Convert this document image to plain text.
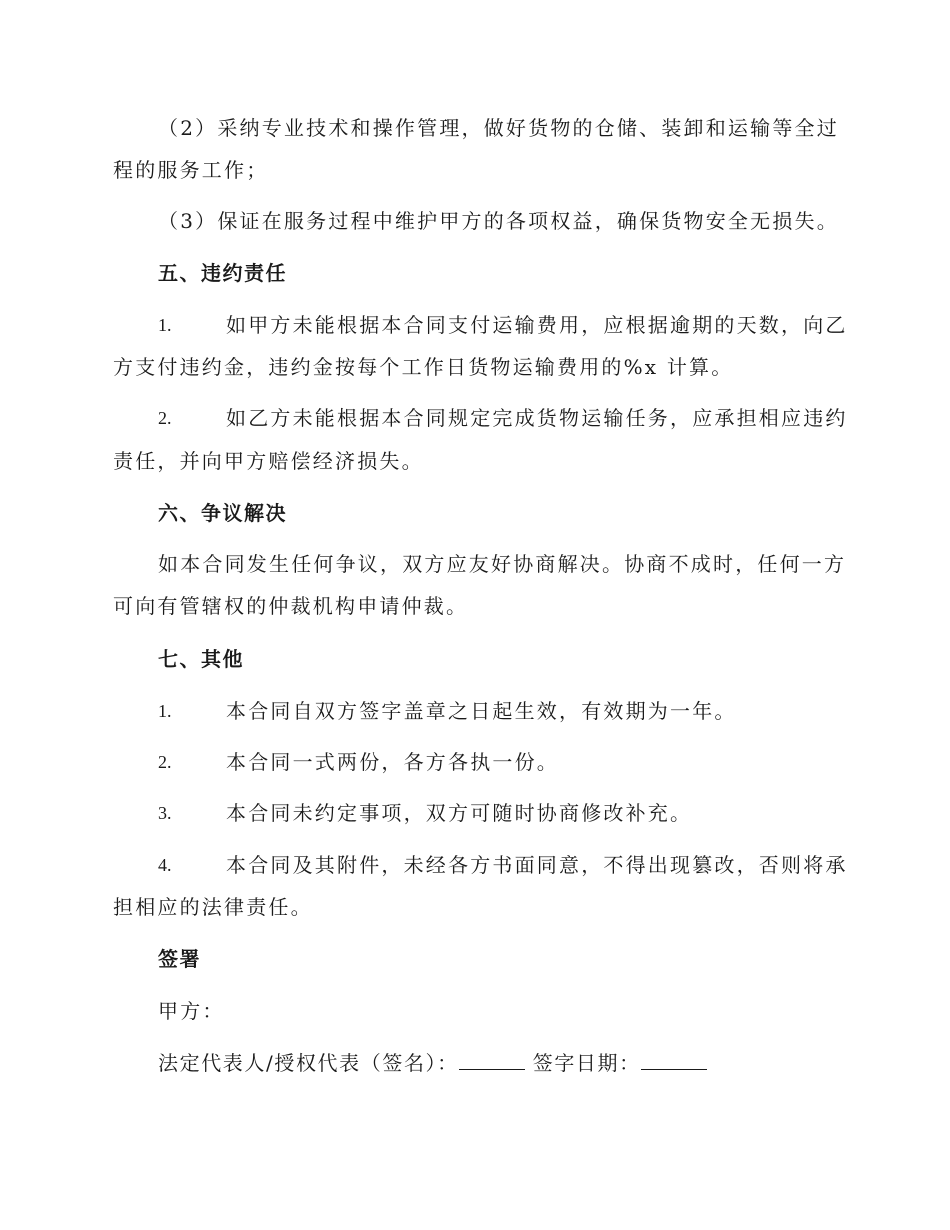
（2）采纳专业技术和操作管理，做好货物的仓储、装卸和运输等全过
程的服务工作；
（3）保证在服务过程中维护甲方的各项权益，确保货物安全无损失。
五、违约责任
1.	如甲方未能根据本合同支付运输费用，应根据逾期的天数，向乙
方支付违约金，违约金按每个工作日货物运输费用的%x 计算。
2.	如乙方未能根据本合同规定完成货物运输任务，应承担相应违约
责任，并向甲方赔偿经济损失。
六、争议解决
如本合同发生任何争议，双方应友好协商解决。协商不成时，任何一方
可向有管辖权的仲裁机构申请仲裁。
七、其他
1.	本合同自双方签字盖章之日起生效，有效期为一年。
2.	本合同一式两份，各方各执一份。
3.	本合同未约定事项，双方可随时协商修改补充。
4.	本合同及其附件，未经各方书面同意，不得出现篡改，否则将承
担相应的法律责任。
签署
甲方：
法定代表人/授权代表（签名）：	签字日期：
